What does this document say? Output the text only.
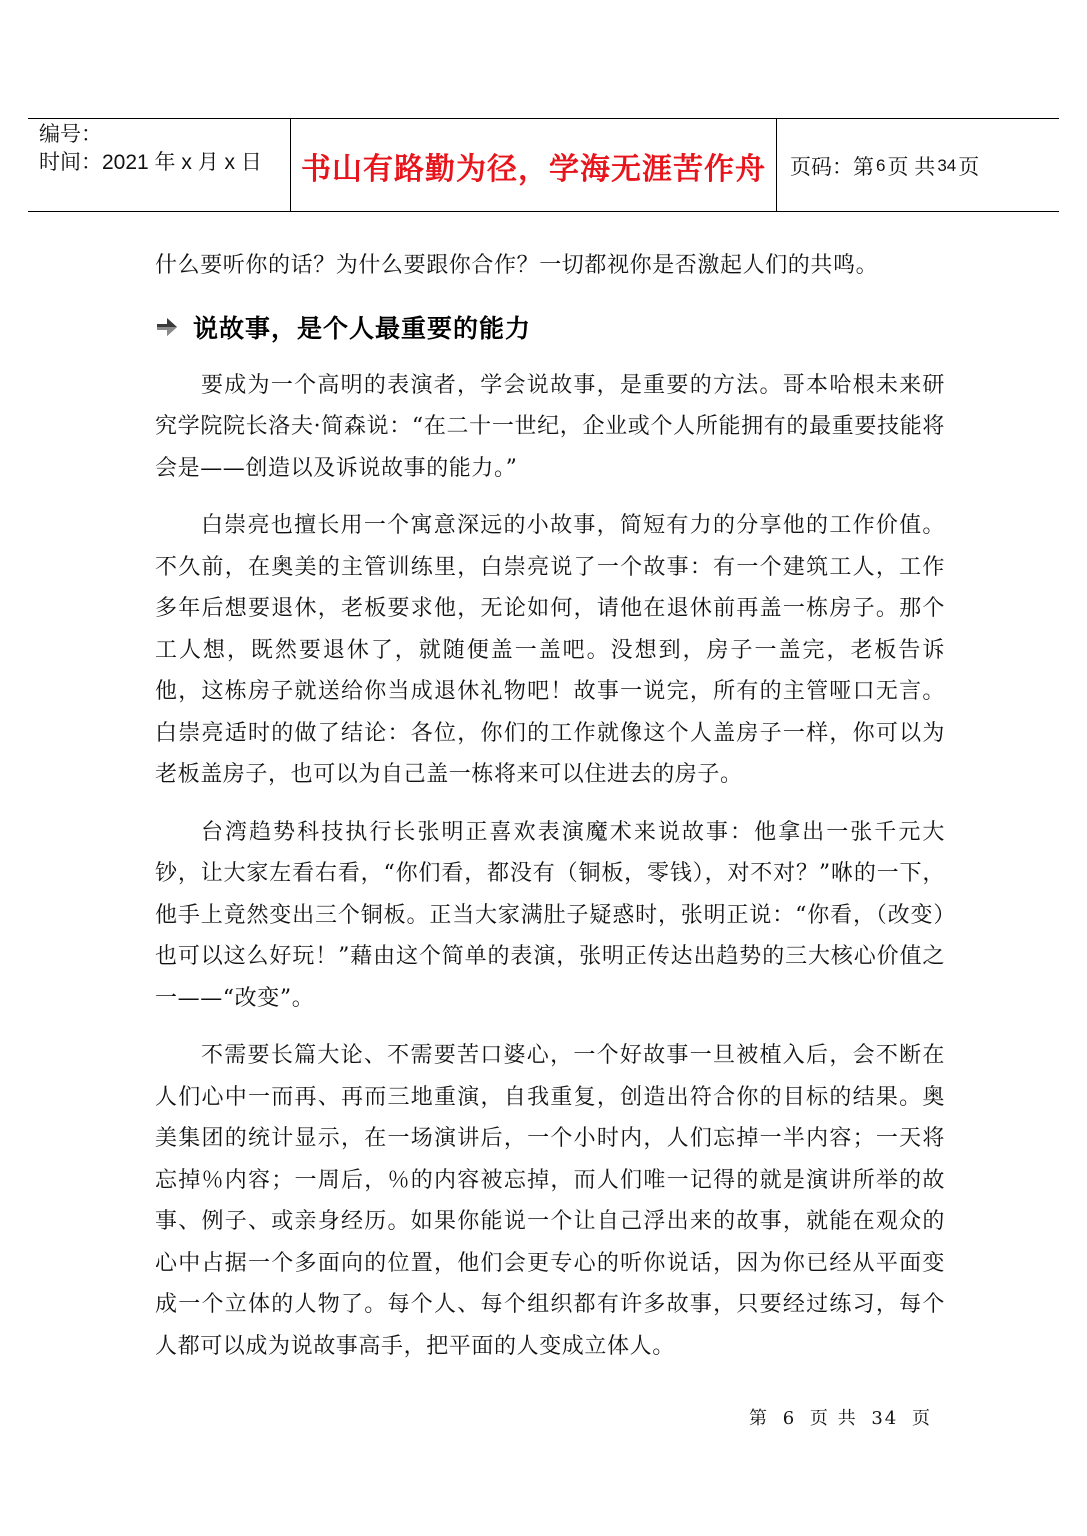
编号：
时间：2021 年 x 月 x 日	书山有路勤为径，学海无涯苦作舟	页码：第 6 页 共 34 页

什么要听你的话？为什么要跟你合作？一切都视你是否激起人们的共鸣。

说故事，是个人最重要的能力

要成为一个高明的表演者，学会说故事，是重要的方法。哥本哈根未来研究学院院长洛夫·简森说：“在二十一世纪，企业或个人所能拥有的最重要技能将会是——创造以及诉说故事的能力。”

白崇亮也擅长用一个寓意深远的小故事，简短有力的分享他的工作价值。不久前，在奥美的主管训练里，白崇亮说了一个故事：有一个建筑工人，工作多年后想要退休，老板要求他，无论如何，请他在退休前再盖一栋房子。那个工人想，既然要退休了，就随便盖一盖吧。没想到，房子一盖完，老板告诉他，这栋房子就送给你当成退休礼物吧！故事一说完，所有的主管哑口无言。白崇亮适时的做了结论：各位，你们的工作就像这个人盖房子一样，你可以为老板盖房子，也可以为自己盖一栋将来可以住进去的房子。

台湾趋势科技执行长张明正喜欢表演魔术来说故事：他拿出一张千元大钞，让大家左看右看，“你们看，都没有（铜板，零钱），对不对？”咻的一下，他手上竟然变出三个铜板。正当大家满肚子疑惑时，张明正说：“你看，（改变）也可以这么好玩！”藉由这个简单的表演，张明正传达出趋势的三大核心价值之一——“改变”。

不需要长篇大论、不需要苦口婆心，一个好故事一旦被植入后，会不断在人们心中一而再、再而三地重演，自我重复，创造出符合你的目标的结果。奥美集团的统计显示，在一场演讲后，一个小时内，人们忘掉一半内容；一天将忘掉％内容；一周后，％的内容被忘掉，而人们唯一记得的就是演讲所举的故事、例子、或亲身经历。如果你能说一个让自己浮出来的故事，就能在观众的心中占据一个多面向的位置，他们会更专心的听你说话，因为你已经从平面变成一个立体的人物了。每个人、每个组织都有许多故事，只要经过练习，每个人都可以成为说故事高手，把平面的人变成立体人。

第 6 页 共 34 页
